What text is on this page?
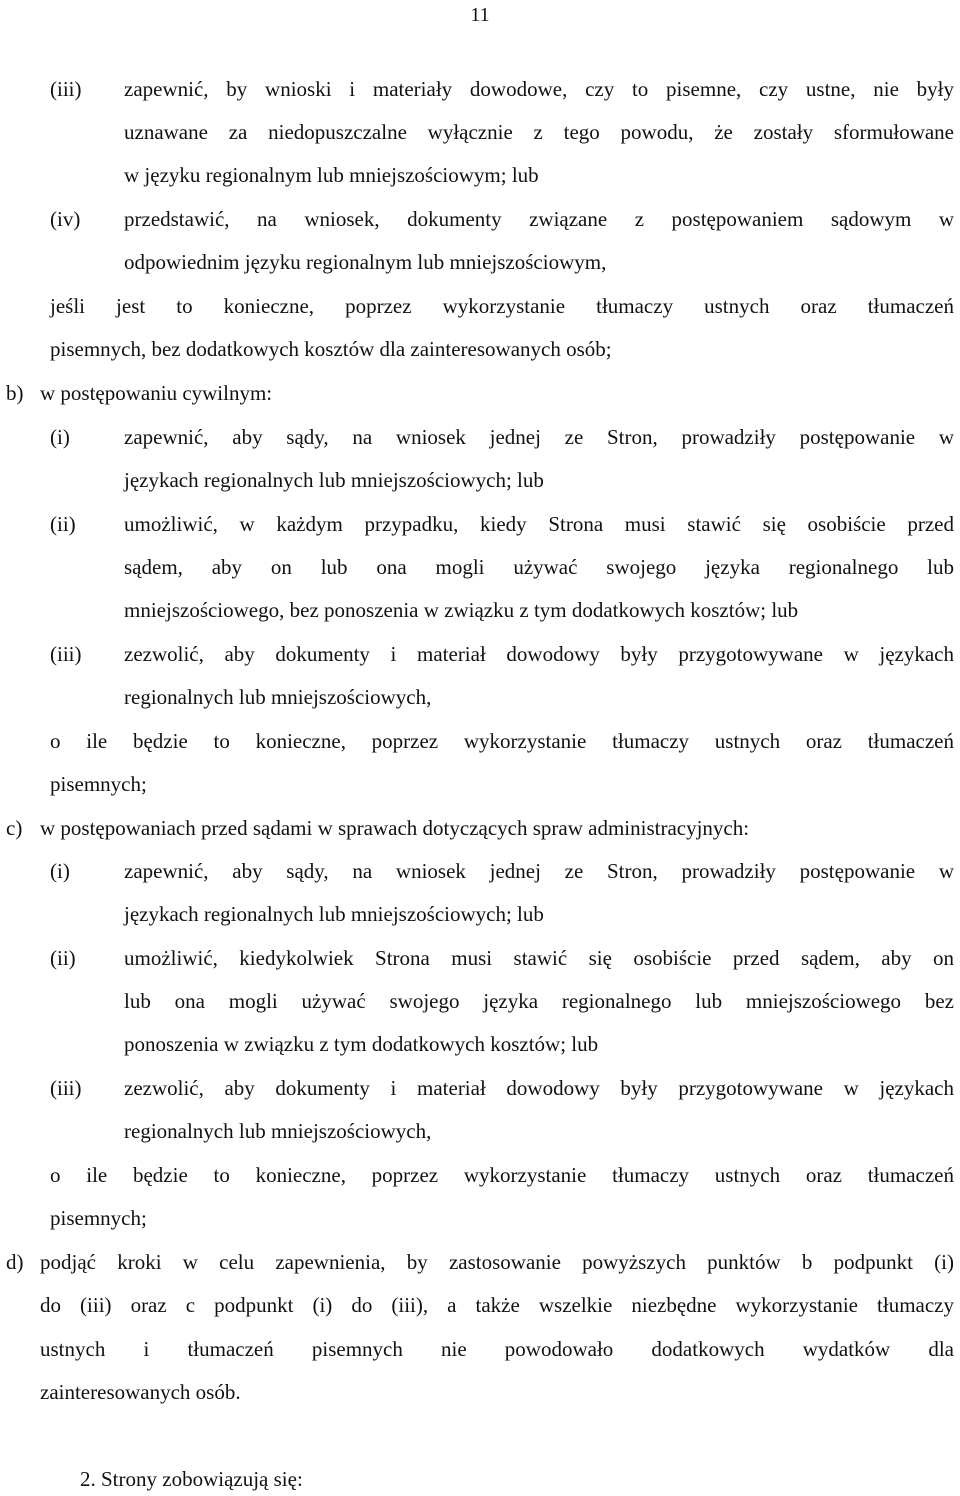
11
(iii) zapewnić, by wnioski i materiały dowodowe, czy to pisemne, czy ustne, nie były
uznawane za niedopuszczalne wyłącznie z tego powodu, że zostały sformułowane
w języku regionalnym lub mniejszościowym; lub
(iv) przedstawić, na wniosek, dokumenty związane z postępowaniem sądowym w
odpowiednim języku regionalnym lub mniejszościowym,
jeśli jest to konieczne, poprzez wykorzystanie tłumaczy ustnych oraz tłumaczeń
pisemnych, bez dodatkowych kosztów dla zainteresowanych osób;
b) w postępowaniu cywilnym:
(i)	zapewnić, aby sądy, na wniosek jednej ze Stron, prowadziły postępowanie w
językach regionalnych lub mniejszościowych; lub
(ii) umożliwić, w każdym przypadku, kiedy Strona musi stawić się osobiście przed
sądem, aby on lub ona mogli używać swojego języka regionalnego lub
mniejszościowego, bez ponoszenia w związku z tym dodatkowych kosztów; lub
(iii) zezwolić, aby dokumenty i materiał dowodowy były przygotowywane w językach
regionalnych lub mniejszościowych,
o ile będzie to konieczne, poprzez wykorzystanie tłumaczy ustnych oraz tłumaczeń
pisemnych;
c) w postępowaniach przed sądami w sprawach dotyczących spraw administracyjnych:
(i)	zapewnić, aby sądy, na wniosek jednej ze Stron, prowadziły postępowanie w
językach regionalnych lub mniejszościowych; lub
(ii) umożliwić, kiedykolwiek Strona musi stawić się osobiście przed sądem, aby on
lub ona mogli używać swojego języka regionalnego lub mniejszościowego bez
ponoszenia w związku z tym dodatkowych kosztów; lub
(iii) zezwolić, aby dokumenty i materiał dowodowy były przygotowywane w językach
regionalnych lub mniejszościowych,
o ile będzie to konieczne, poprzez wykorzystanie tłumaczy ustnych oraz tłumaczeń
pisemnych;
d) podjąć kroki w celu zapewnienia, by zastosowanie powyższych punktów b podpunkt (i)
do (iii) oraz c podpunkt (i) do (iii), a także wszelkie niezbędne wykorzystanie tłumaczy
ustnych i tłumaczeń pisemnych nie powodowało dodatkowych wydatków dla
zainteresowanych osób.
2. Strony zobowiązują się:
